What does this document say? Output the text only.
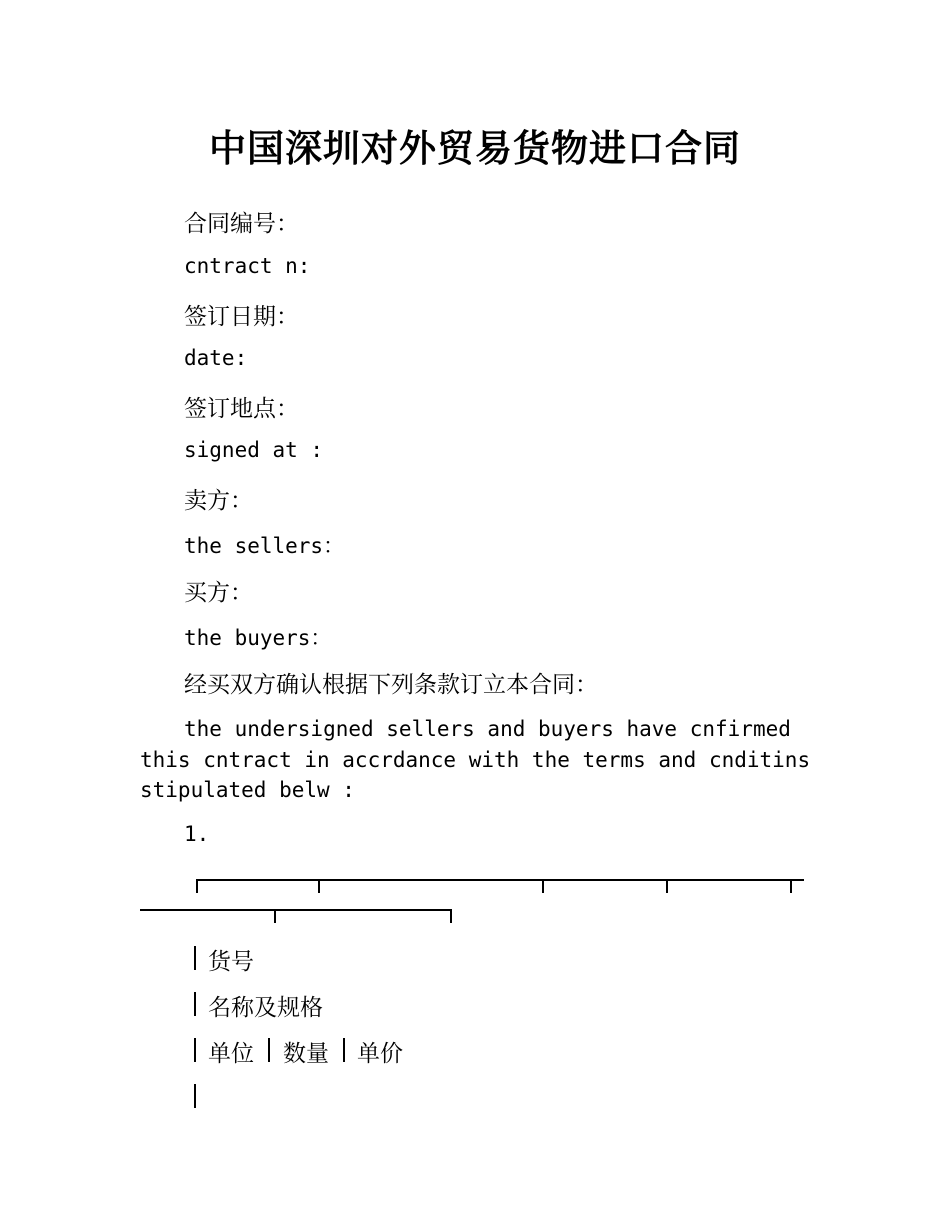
中国深圳对外贸易货物进口合同
合同编号：
cntract n:
签订日期：
date:
签订地点：
signed at :
卖方：
the sellers：
买方：
the buyers：
经买双方确认根据下列条款订立本合同：

the undersigned sellers and buyers have cnfirmed this cntract in accrdance with the terms and cnditins stipulated belw :

1.
货号
名称及规格
单位 数量 单价
